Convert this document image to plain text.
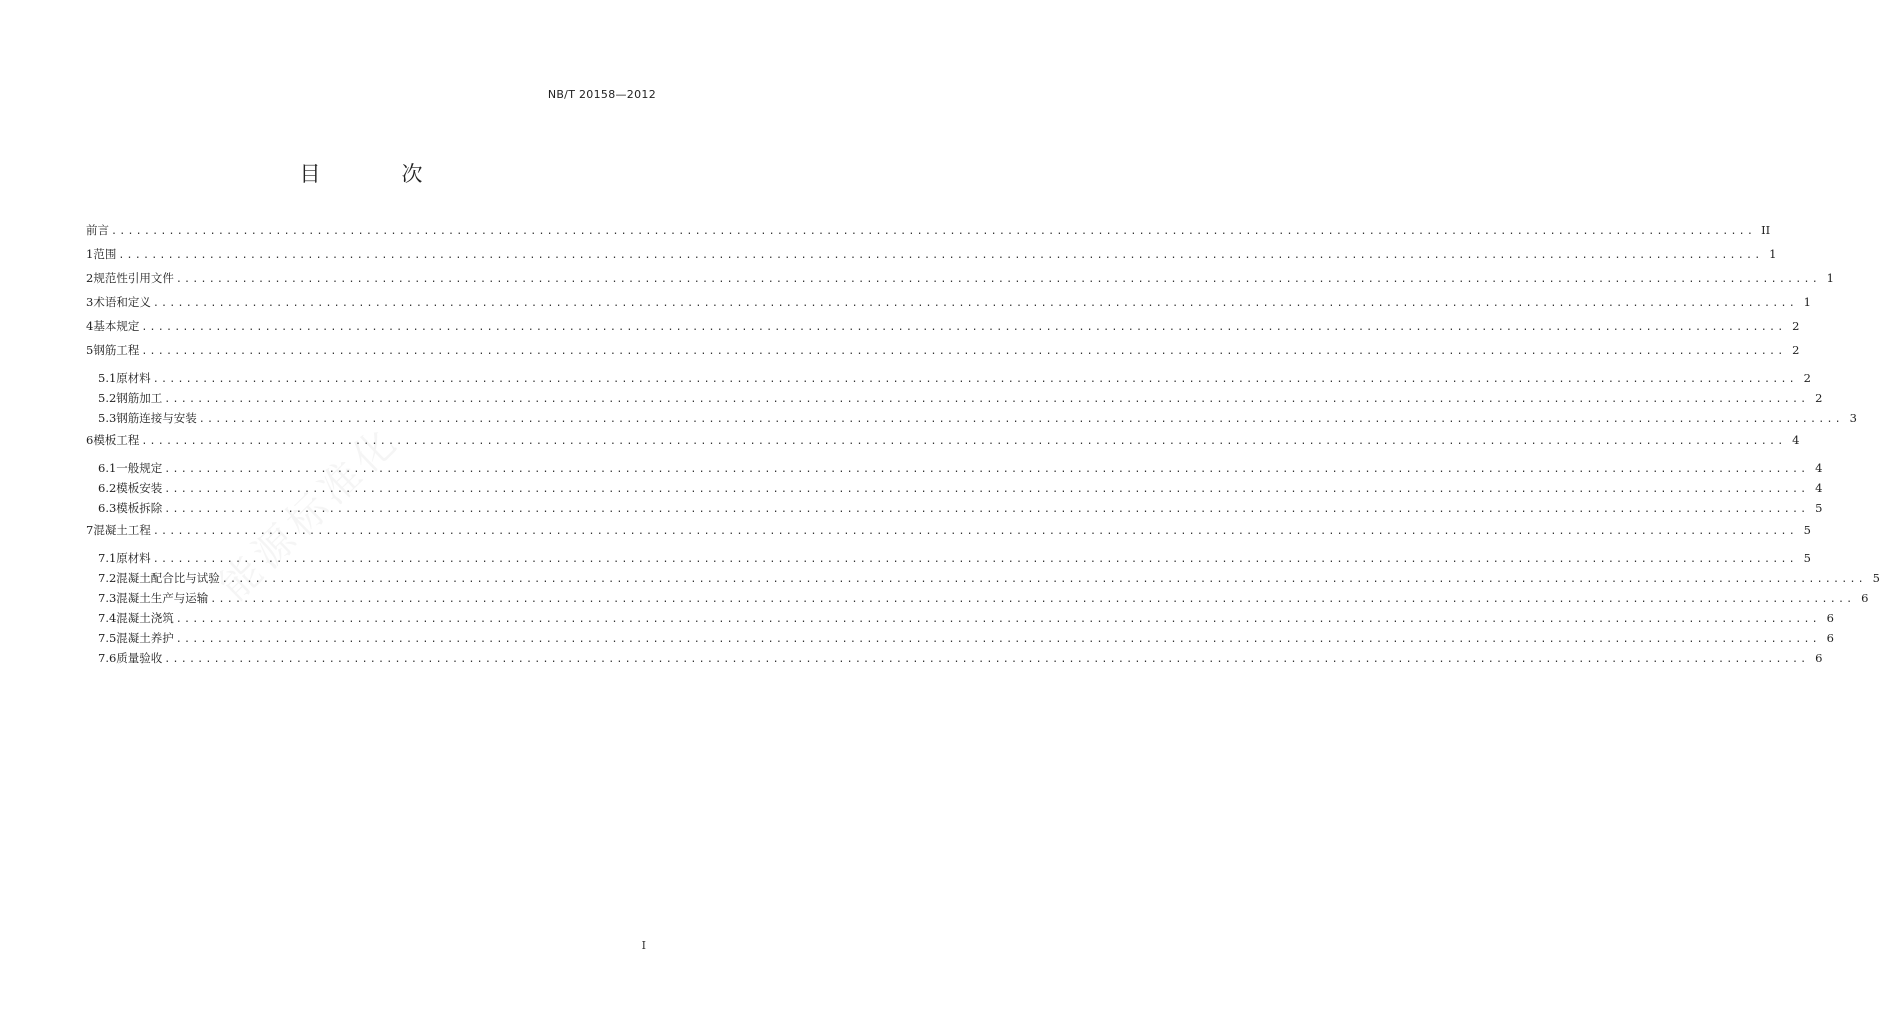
NB/T 20158—2012
目　次
前言 ........................................................................................................................................................................................................ II
1 范围 ........................................................................................................................................................................................................ 1
2 规范性引用文件 ........................................................................................................................................................................................................ 1
3 术语和定义 ........................................................................................................................................................................................................ 1
4 基本规定 ........................................................................................................................................................................................................ 2
5 钢筋工程 ........................................................................................................................................................................................................ 2
5.1 原材料 ........................................................................................................................................................................................................ 2
5.2 钢筋加工 ........................................................................................................................................................................................................ 2
5.3 钢筋连接与安装 ........................................................................................................................................................................................................ 3
6 模板工程 ........................................................................................................................................................................................................ 4
6.1 一般规定 ........................................................................................................................................................................................................ 4
6.2 模板安装 ........................................................................................................................................................................................................ 4
6.3 模板拆除 ........................................................................................................................................................................................................ 5
7 混凝土工程 ........................................................................................................................................................................................................ 5
7.1 原材料 ........................................................................................................................................................................................................ 5
7.2 混凝土配合比与试验 ........................................................................................................................................................................................................ 5
7.3 混凝土生产与运输 ........................................................................................................................................................................................................ 6
7.4 混凝土浇筑 ........................................................................................................................................................................................................ 6
7.5 混凝土养护 ........................................................................................................................................................................................................ 6
7.6 质量验收 ........................................................................................................................................................................................................ 6
能源标准化
I
